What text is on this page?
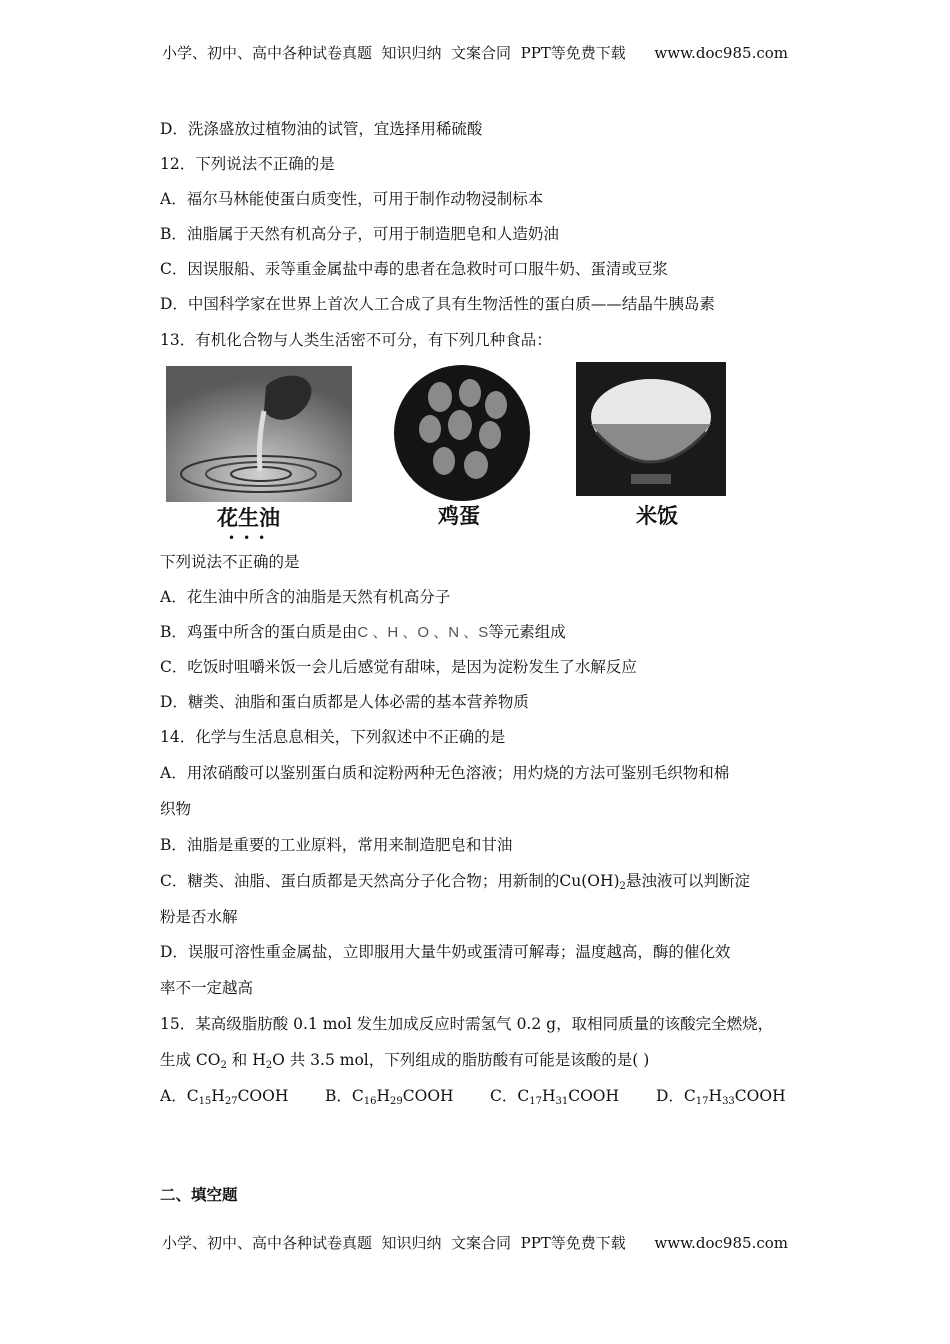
小学、初中、高中各种试卷真题  知识归纳  文案合同  PPT等免费下载      www.doc985.com
D．洗涤盛放过植物油的试管，宜选择用稀硫酸
12．下列说法不正确的是
A．福尔马林能使蛋白质变性，可用于制作动物浸制标本
B．油脂属于天然有机高分子，可用于制造肥皂和人造奶油
C．因误服船、汞等重金属盐中毒的患者在急救时可口服牛奶、蛋清或豆浆
D．中国科学家在世界上首次人工合成了具有生物活性的蛋白质——结晶牛胰岛素
13．有机化合物与人类生活密不可分，有下列几种食品：
花生油	鸡蛋	米饭
•••
下列说法不正确的是
A．花生油中所含的油脂是天然有机高分子
B．鸡蛋中所含的蛋白质是由C 、H 、O 、N 、S等元素组成
C．吃饭时咀嚼米饭一会儿后感觉有甜味，是因为淀粉发生了水解反应
D．糖类、油脂和蛋白质都是人体必需的基本营养物质
14．化学与生活息息相关，下列叙述中不正确的是
A．用浓硝酸可以鉴别蛋白质和淀粉两种无色溶液；用灼烧的方法可鉴别毛织物和棉
织物
B．油脂是重要的工业原料，常用来制造肥皂和甘油
C．糖类、油脂、蛋白质都是天然高分子化合物；用新制的$Cu(OH)_2$悬浊液可以判断淀
粉是否水解
D．误服可溶性重金属盐，立即服用大量牛奶或蛋清可解毒；温度越高，酶的催化效
率不一定越高
15．某高级脂肪酸 0.1 mol 发生加成反应时需氢气 0.2 g，取相同质量的该酸完全燃烧，
生成 $CO_2$ 和 $H_2O$ 共 3.5 mol，下列组成的脂肪酸有可能是该酸的是( )
A．$C_{15}H_{27}COOH$ B．$C_{16}H_{29}COOH$ C．$C_{17}H_{31}COOH$ D．$C_{17}H_{33}COOH$
二、填空题
小学、初中、高中各种试卷真题  知识归纳  文案合同  PPT等免费下载      www.doc985.com
